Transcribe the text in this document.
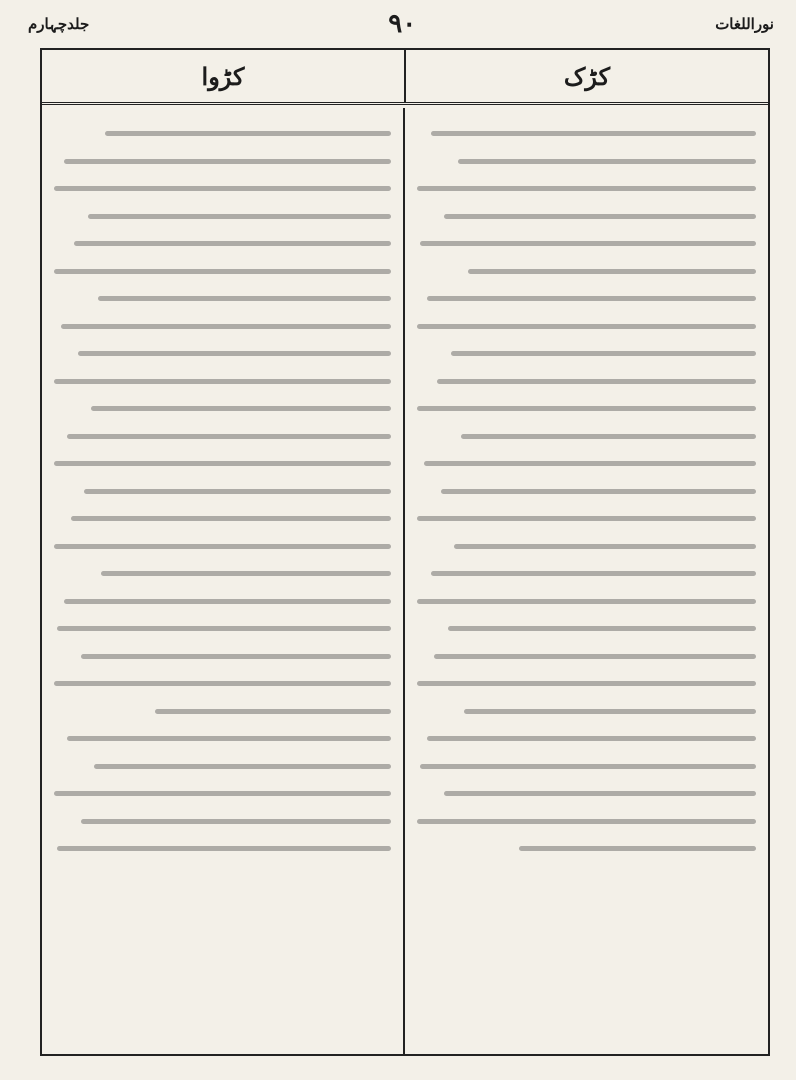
جلدچہارم	٩٠	نوراللغات
کڑک
کڑوا
